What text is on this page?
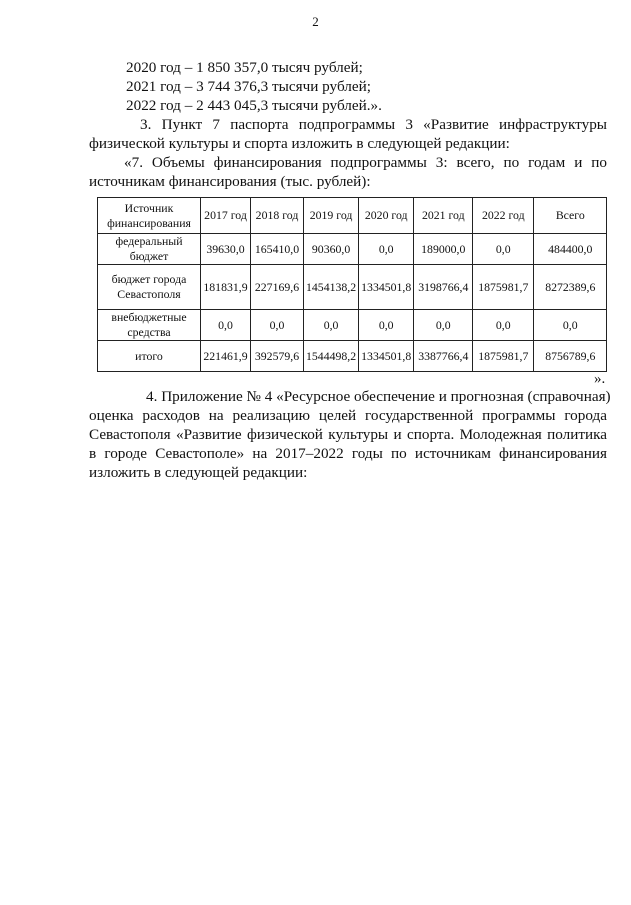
2
2020 год – 1 850 357,0 тысяч рублей;
2021 год – 3 744 376,3 тысячи рублей;
2022 год – 2 443 045,3 тысячи рублей.».
3. Пункт 7 паспорта подпрограммы 3 «Развитие инфраструктуры
физической культуры и спорта изложить в следующей редакции:
«7. Объемы финансирования подпрограммы 3: всего, по годам и по
источникам финансирования (тыс. рублей):
Источник финансирования	2017 год	2018 год	2019 год	2020 год	2021 год	2022 год	Всего
федеральный бюджет	39630,0	165410,0	90360,0	0,0	189000,0	0,0	484400,0
бюджет города Севастополя	181831,9	227169,6	1454138,2	1334501,8	3198766,4	1875981,7	8272389,6
внебюджетные средства	0,0	0,0	0,0	0,0	0,0	0,0	0,0
итого	221461,9	392579,6	1544498,2	1334501,8	3387766,4	1875981,7	8756789,6
».
4. Приложение № 4 «Ресурсное обеспечение и прогнозная (справочная)
оценка расходов на реализацию целей государственной программы города
Севастополя «Развитие физической культуры и спорта. Молодежная политика
в городе Севастополе» на 2017–2022 годы по источникам финансирования
изложить в следующей редакции:
